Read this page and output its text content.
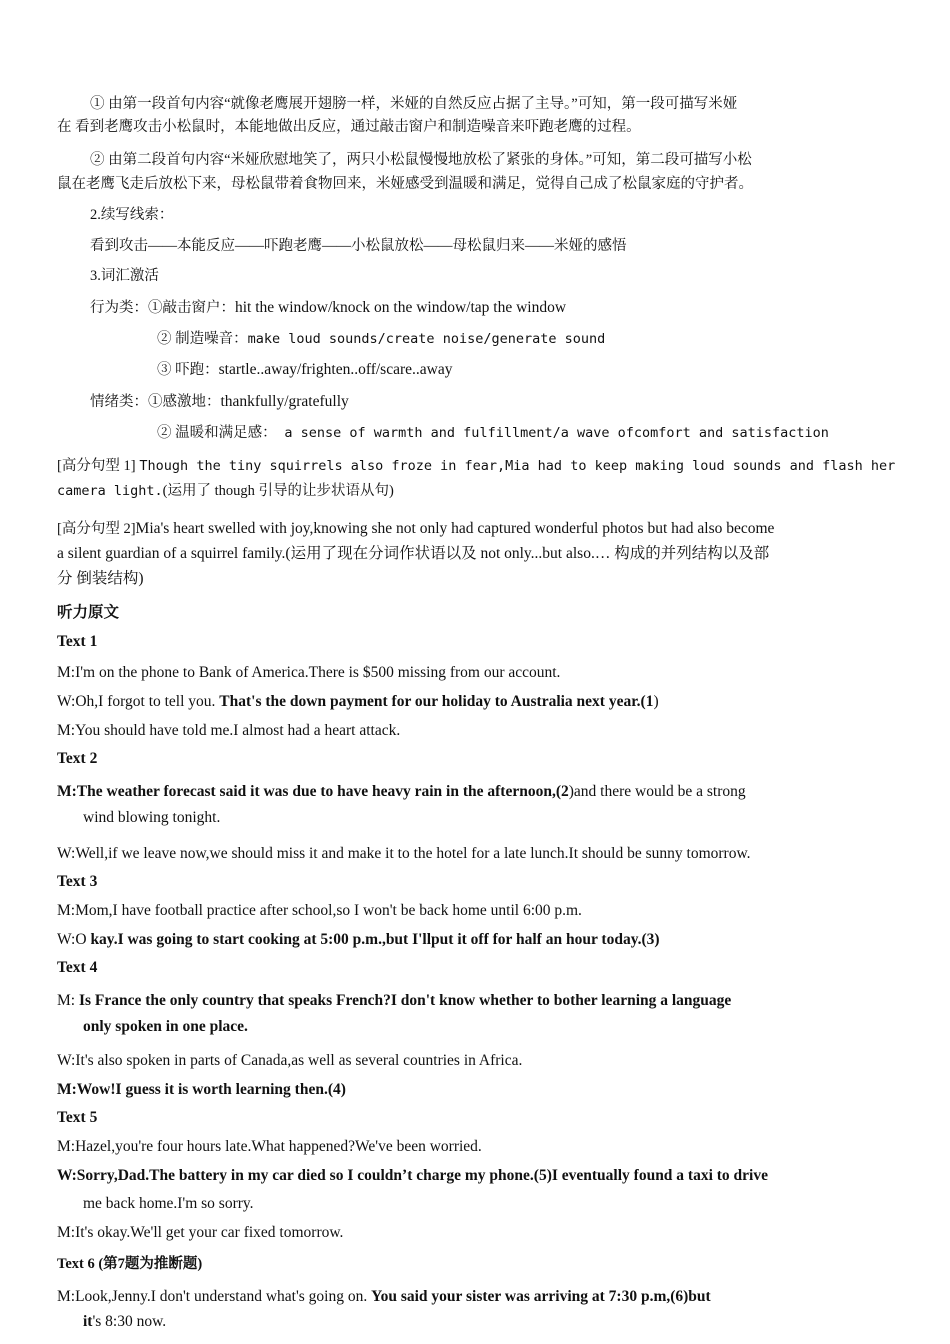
① 由第一段首句内容“就像老鹰展开翅膀一样，米娅的自然反应占据了主导。”可知，第一段可描写米娅
在 看到老鹰攻击小松鼠时，本能地做出反应，通过敲击窗户和制造噪音来吓跑老鹰的过程。
② 由第二段首句内容“米娅欣慰地笑了，两只小松鼠慢慢地放松了紧张的身体。”可知，第二段可描写小松
鼠在老鹰飞走后放松下来，母松鼠带着食物回来，米娅感受到温暖和满足，觉得自己成了松鼠家庭的守护者。
2.续写线索：
看到攻击——本能反应——吓跑老鹰——小松鼠放松——母松鼠归来——米娅的感悟
3.词汇激活
行为类：①敲击窗户：hit the window/knock on the window/tap the window
② 制造噪音：make loud sounds/create noise/generate sound
③ 吓跑：startle..away/frighten..off/scare..away
情绪类：①感激地：thankfully/gratefully
② 温暖和满足感： a sense of warmth and fulfillment/a wave ofcomfort and satisfaction
[高分句型 1] Though the tiny squirrels also froze in fear,Mia had to keep making loud sounds and flash her
camera light.(运用了 though 引导的让步状语从句)
[高分句型 2]Mia's heart swelled with joy,knowing she not only had captured wonderful photos but had also become
a silent guardian of a squirrel family.(运用了现在分词作状语以及 not only...but also.… 构成的并列结构以及部
分 倒装结构)
听力原文
Text 1
M:I'm on the phone to Bank of America.There is $500 missing from our account.
W:Oh,I forgot to tell you. That's the down payment for our holiday to Australia next year.(1)
M:You should have told me.I almost had a heart attack.
Text 2
M:The weather forecast said it was due to have heavy rain in the afternoon,(2)and there would be a strong
wind blowing tonight.
W:Well,if we leave now,we should miss it and make it to the hotel for a late lunch.It should be sunny tomorrow.
Text 3
M:Mom,I have football practice after school,so I won't be back home until 6:00 p.m.
W:O kay.I was going to start cooking at 5:00 p.m.,but I'llput it off for half an hour today.(3)
Text 4
M: Is France the only country that speaks French?I don't know whether to bother learning a language
only spoken in one place.
W:It's also spoken in parts of Canada,as well as several countries in Africa.
M:Wow!I guess it is worth learning then.(4)
Text 5
M:Hazel,you're four hours late.What happened?We've been worried.
W:Sorry,Dad.The battery in my car died so I couldn’t charge my phone.(5)I eventually found a taxi to drive
me back home.I'm so sorry.
M:It's okay.We'll get your car fixed tomorrow.
Text 6 (第7题为推断题)
M:Look,Jenny.I don't understand what's going on. You said your sister was arriving at 7:30 p.m,(6)but
it's 8:30 now.
